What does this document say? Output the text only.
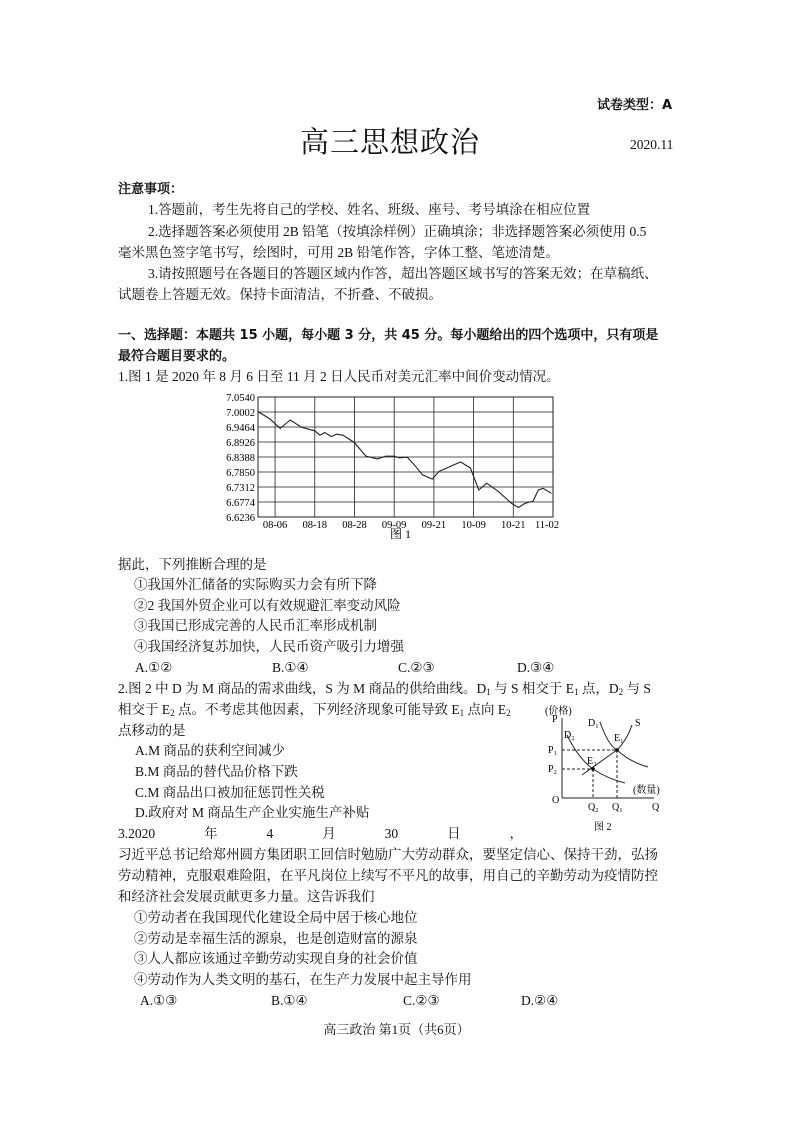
试卷类型：A
高三思想政治	2020.11
注意事项：
1.答题前，考生先将自己的学校、姓名、班级、座号、考号填涂在相应位置
2.选择题答案必须使用 2B 铅笔（按填涂样例）正确填涂；非选择题答案必须使用 0.5
毫米黑色签字笔书写，绘图时，可用 2B 铅笔作答，字体工整、笔迹清楚。
3.请按照题号在各题目的答题区域内作答，超出答题区域书写的答案无效；在草稿纸、
试题卷上答题无效。保持卡面清洁，不折叠、不破损。
一、选择题：本题共 15 小题，每小题 3 分，共 45 分。每小题给出的四个选项中，只有项是
最符合题目要求的。
1.图 1 是 2020 年 8 月 6 日至 11 月 2 日人民币对美元汇率中间价变动情况。
7.0540
7.0002
6.9464
6.8926
6.8388
6.7850
6.7312
6.6774
6.6236
08-06 08-18 08-28 09-09 09-21 10-09 10-21 11-02
图 1
据此，下列推断合理的是
①我国外汇储备的实际购买力会有所下降
②2 我国外贸企业可以有效规避汇率变动风险
③我国已形成完善的人民币汇率形成机制
④我国经济复苏加快，人民币资产吸引力增强
A.①②	B.①④	C.②③	D.③④
2.图 2 中 D 为 M 商品的需求曲线，S 为 M 商品的供给曲线。$D_1$ 与 S 相交于 $E_1$ 点，$D_2$ 与 S
相交于 $E_2$ 点。不考虑其他因素，下列经济现象可能导致 $E_1$ 点向 $E_2$
点移动的是
A.M 商品的获利空间减少
B.M 商品的替代品价格下跌
C.M 商品出口被加征惩罚性关税
D.政府对 M 商品生产企业实施生产补贴
(价格)
P	D₁	S
D₂	E₁
P₁
E₂
P₂
(数量)
O
Q₂ Q₁	Q
图 2
3.2020	年	4	月	30	日	，
习近平总书记给郑州圆方集团职工回信时勉励广大劳动群众，要坚定信心、保持干劲，弘扬
劳动精神，克服艰难险阻，在平凡岗位上续写不平凡的故事，用自己的辛勤劳动为疫情防控
和经济社会发展贡献更多力量。这告诉我们
①劳动者在我国现代化建设全局中居于核心地位
②劳动是幸福生活的源泉，也是创造财富的源泉
③人人都应该通过辛勤劳动实现自身的社会价值
④劳动作为人类文明的基石，在生产力发展中起主导作用
A.①③	B.①④	C.②③	D.②④
高三政治 第1页（共6页）
